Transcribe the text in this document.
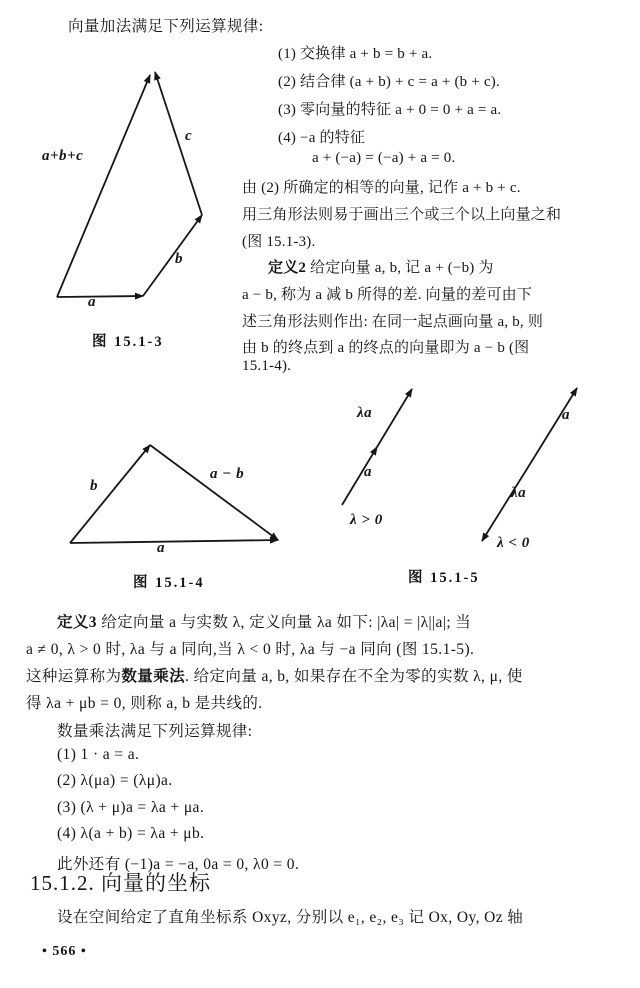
向量加法满足下列运算规律:
a+b+c
c
b
a
图 15.1-3
(1) 交换律 a + b = b + a.
(2) 结合律 (a + b) + c = a + (b + c).
(3) 零向量的特征 a + 0 = 0 + a = a.
(4) −a 的特征
a + (−a) = (−a) + a = 0.
由 (2) 所确定的相等的向量, 记作 a + b + c.
用三角形法则易于画出三个或三个以上向量之和
(图 15.1-3).
定义2 给定向量 a, b, 记 a + (−b) 为
a − b, 称为 a 减 b 所得的差. 向量的差可由下
述三角形法则作出: 在同一起点画向量 a, b, 则
由 b 的终点到 a 的终点的向量即为 a − b (图
15.1-4).
b
a − b
a
图 15.1-4
λa
a
λ > 0
a
λa
λ < 0
图 15.1-5
定义3 给定向量 a 与实数 λ, 定义向量 λa 如下: |λa| = |λ||a|; 当
a ≠ 0, λ > 0 时, λa 与 a 同向,当 λ < 0 时, λa 与 −a 同向 (图 15.1-5).
这种运算称为数量乘法. 给定向量 a, b, 如果存在不全为零的实数 λ, μ, 使
得 λa + μb = 0, 则称 a, b 是共线的.
数量乘法满足下列运算规律:
(1) 1 · a = a.
(2) λ(μa) = (λμ)a.
(3) (λ + μ)a = λa + μa.
(4) λ(a + b) = λa + μb.
此外还有 (−1)a = −a, 0a = 0, λ0 = 0.
15.1.2. 向量的坐标
设在空间给定了直角坐标系 Oxyz, 分别以 e₁, e₂, e₃ 记 Ox, Oy, Oz 轴
• 566 •
